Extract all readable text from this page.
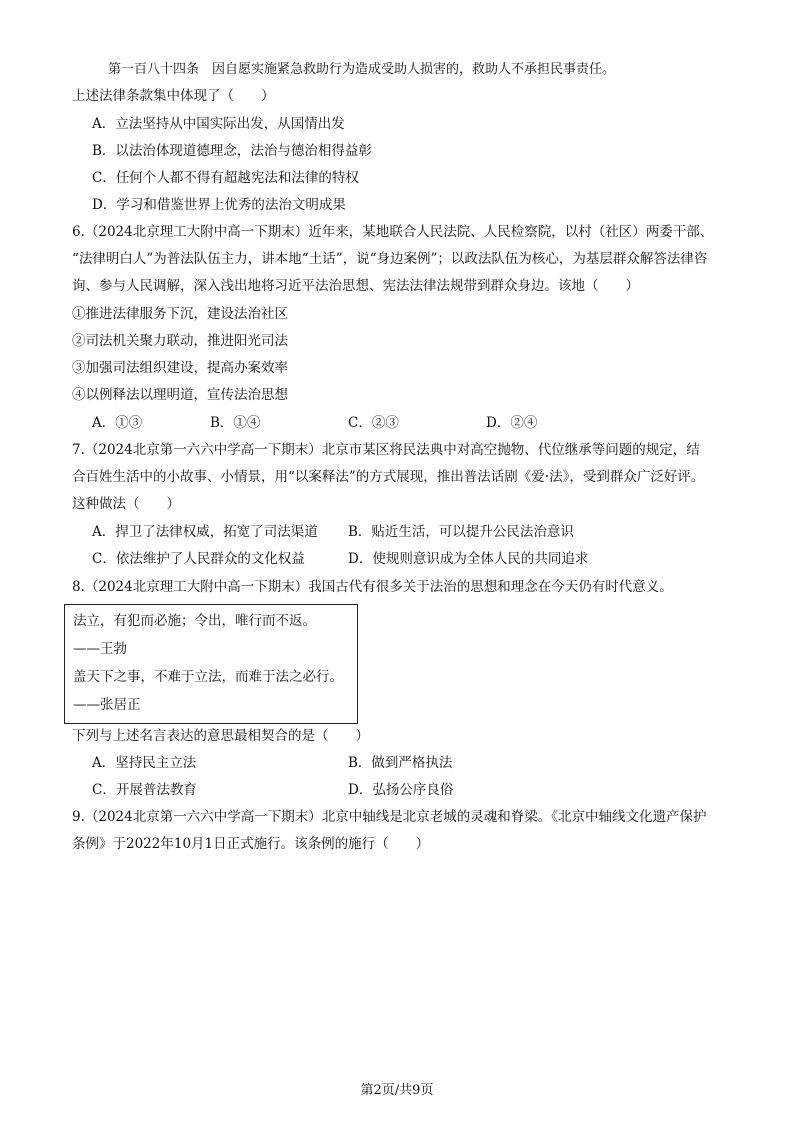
第一百八十四条　因自愿实施紧急救助行为造成受助人损害的，救助人不承担民事责任。
上述法律条款集中体现了（　　）
A．立法坚持从中国实际出发，从国情出发
B．以法治体现道德理念，法治与德治相得益彰
C．任何个人都不得有超越宪法和法律的特权
D．学习和借鉴世界上优秀的法治文明成果
6.（2024北京理工大附中高一下期末）近年来，某地联合人民法院、人民检察院，以村（社区）两委干部、
“法律明白人”为普法队伍主力，讲本地“土话”，说“身边案例”；以政法队伍为核心，为基层群众解答法律咨
询、参与人民调解，深入浅出地将习近平法治思想、宪法法律法规带到群众身边。该地（　　）
①推进法律服务下沉，建设法治社区
②司法机关聚力联动，推进阳光司法
③加强司法组织建设，提高办案效率
④以例释法以理明道，宣传法治思想
A．①③	B．①④	C．②③	D．②④
7.（2024北京第一六六中学高一下期末）北京市某区将民法典中对高空抛物、代位继承等问题的规定，结
合百姓生活中的小故事、小情景，用“以案释法”的方式展现，推出普法话剧《爱·法》，受到群众广泛好评。
这种做法（　　）
A．捍卫了法律权威，拓宽了司法渠道 B．贴近生活，可以提升公民法治意识
C．依法维护了人民群众的文化权益	D．使规则意识成为全体人民的共同追求
8.（2024北京理工大附中高一下期末）我国古代有很多关于法治的思想和理念在今天仍有时代意义。
法立，有犯而必施；令出，唯行而不返。
——王勃
盖天下之事，不难于立法，而难于法之必行。
——张居正
下列与上述名言表达的意思最相契合的是（　　）
A．坚持民主立法	B．做到严格执法
C．开展普法教育	D．弘扬公序良俗
9.（2024北京第一六六中学高一下期末）北京中轴线是北京老城的灵魂和脊梁。《北京中轴线文化遗产保护
条例》于2022年10月1日正式施行。该条例的施行（　　）
第2页/共9页
